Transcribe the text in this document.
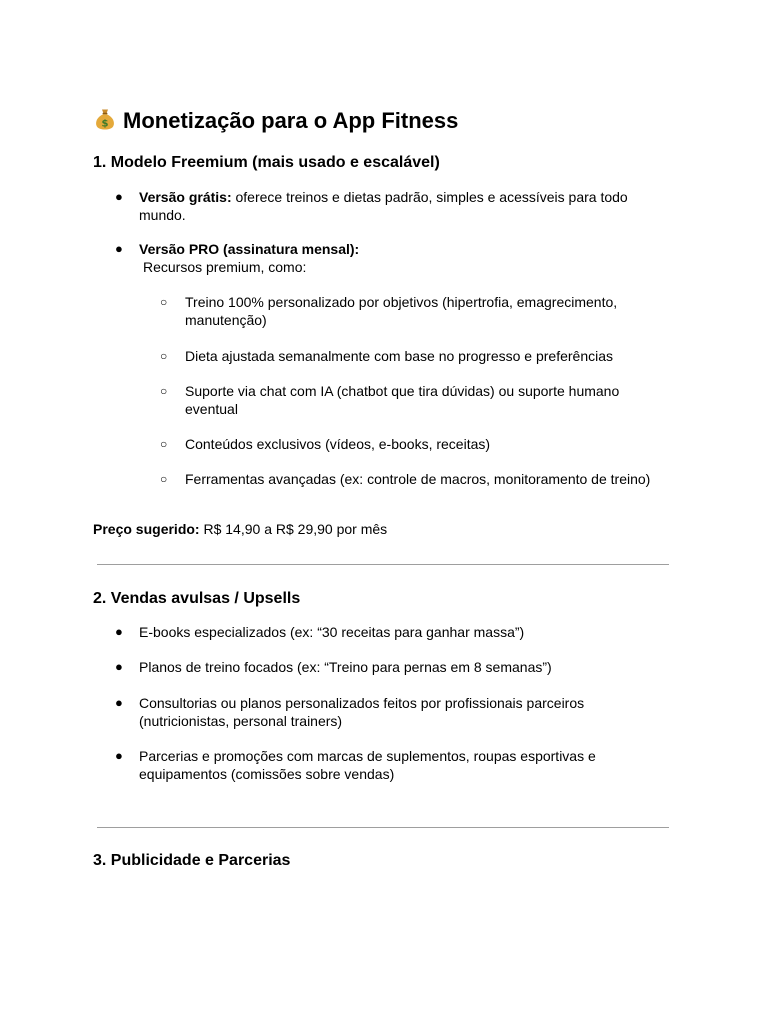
$ Monetização para o App Fitness
1. Modelo Freemium (mais usado e escalável)
● Versão grátis: oferece treinos e dietas padrão, simples e acessíveis para todo mundo.
● Versão PRO (assinatura mensal):
Recursos premium, como:
○ Treino 100% personalizado por objetivos (hipertrofia, emagrecimento, manutenção)
○ Dieta ajustada semanalmente com base no progresso e preferências
○ Suporte via chat com IA (chatbot que tira dúvidas) ou suporte humano eventual
○ Conteúdos exclusivos (vídeos, e-books, receitas)
○ Ferramentas avançadas (ex: controle de macros, monitoramento de treino)
Preço sugerido: R$ 14,90 a R$ 29,90 por mês
2. Vendas avulsas / Upsells
● E-books especializados (ex: “30 receitas para ganhar massa”)
● Planos de treino focados (ex: “Treino para pernas em 8 semanas”)
● Consultorias ou planos personalizados feitos por profissionais parceiros (nutricionistas, personal trainers)
● Parcerias e promoções com marcas de suplementos, roupas esportivas e equipamentos (comissões sobre vendas)
3. Publicidade e Parcerias
